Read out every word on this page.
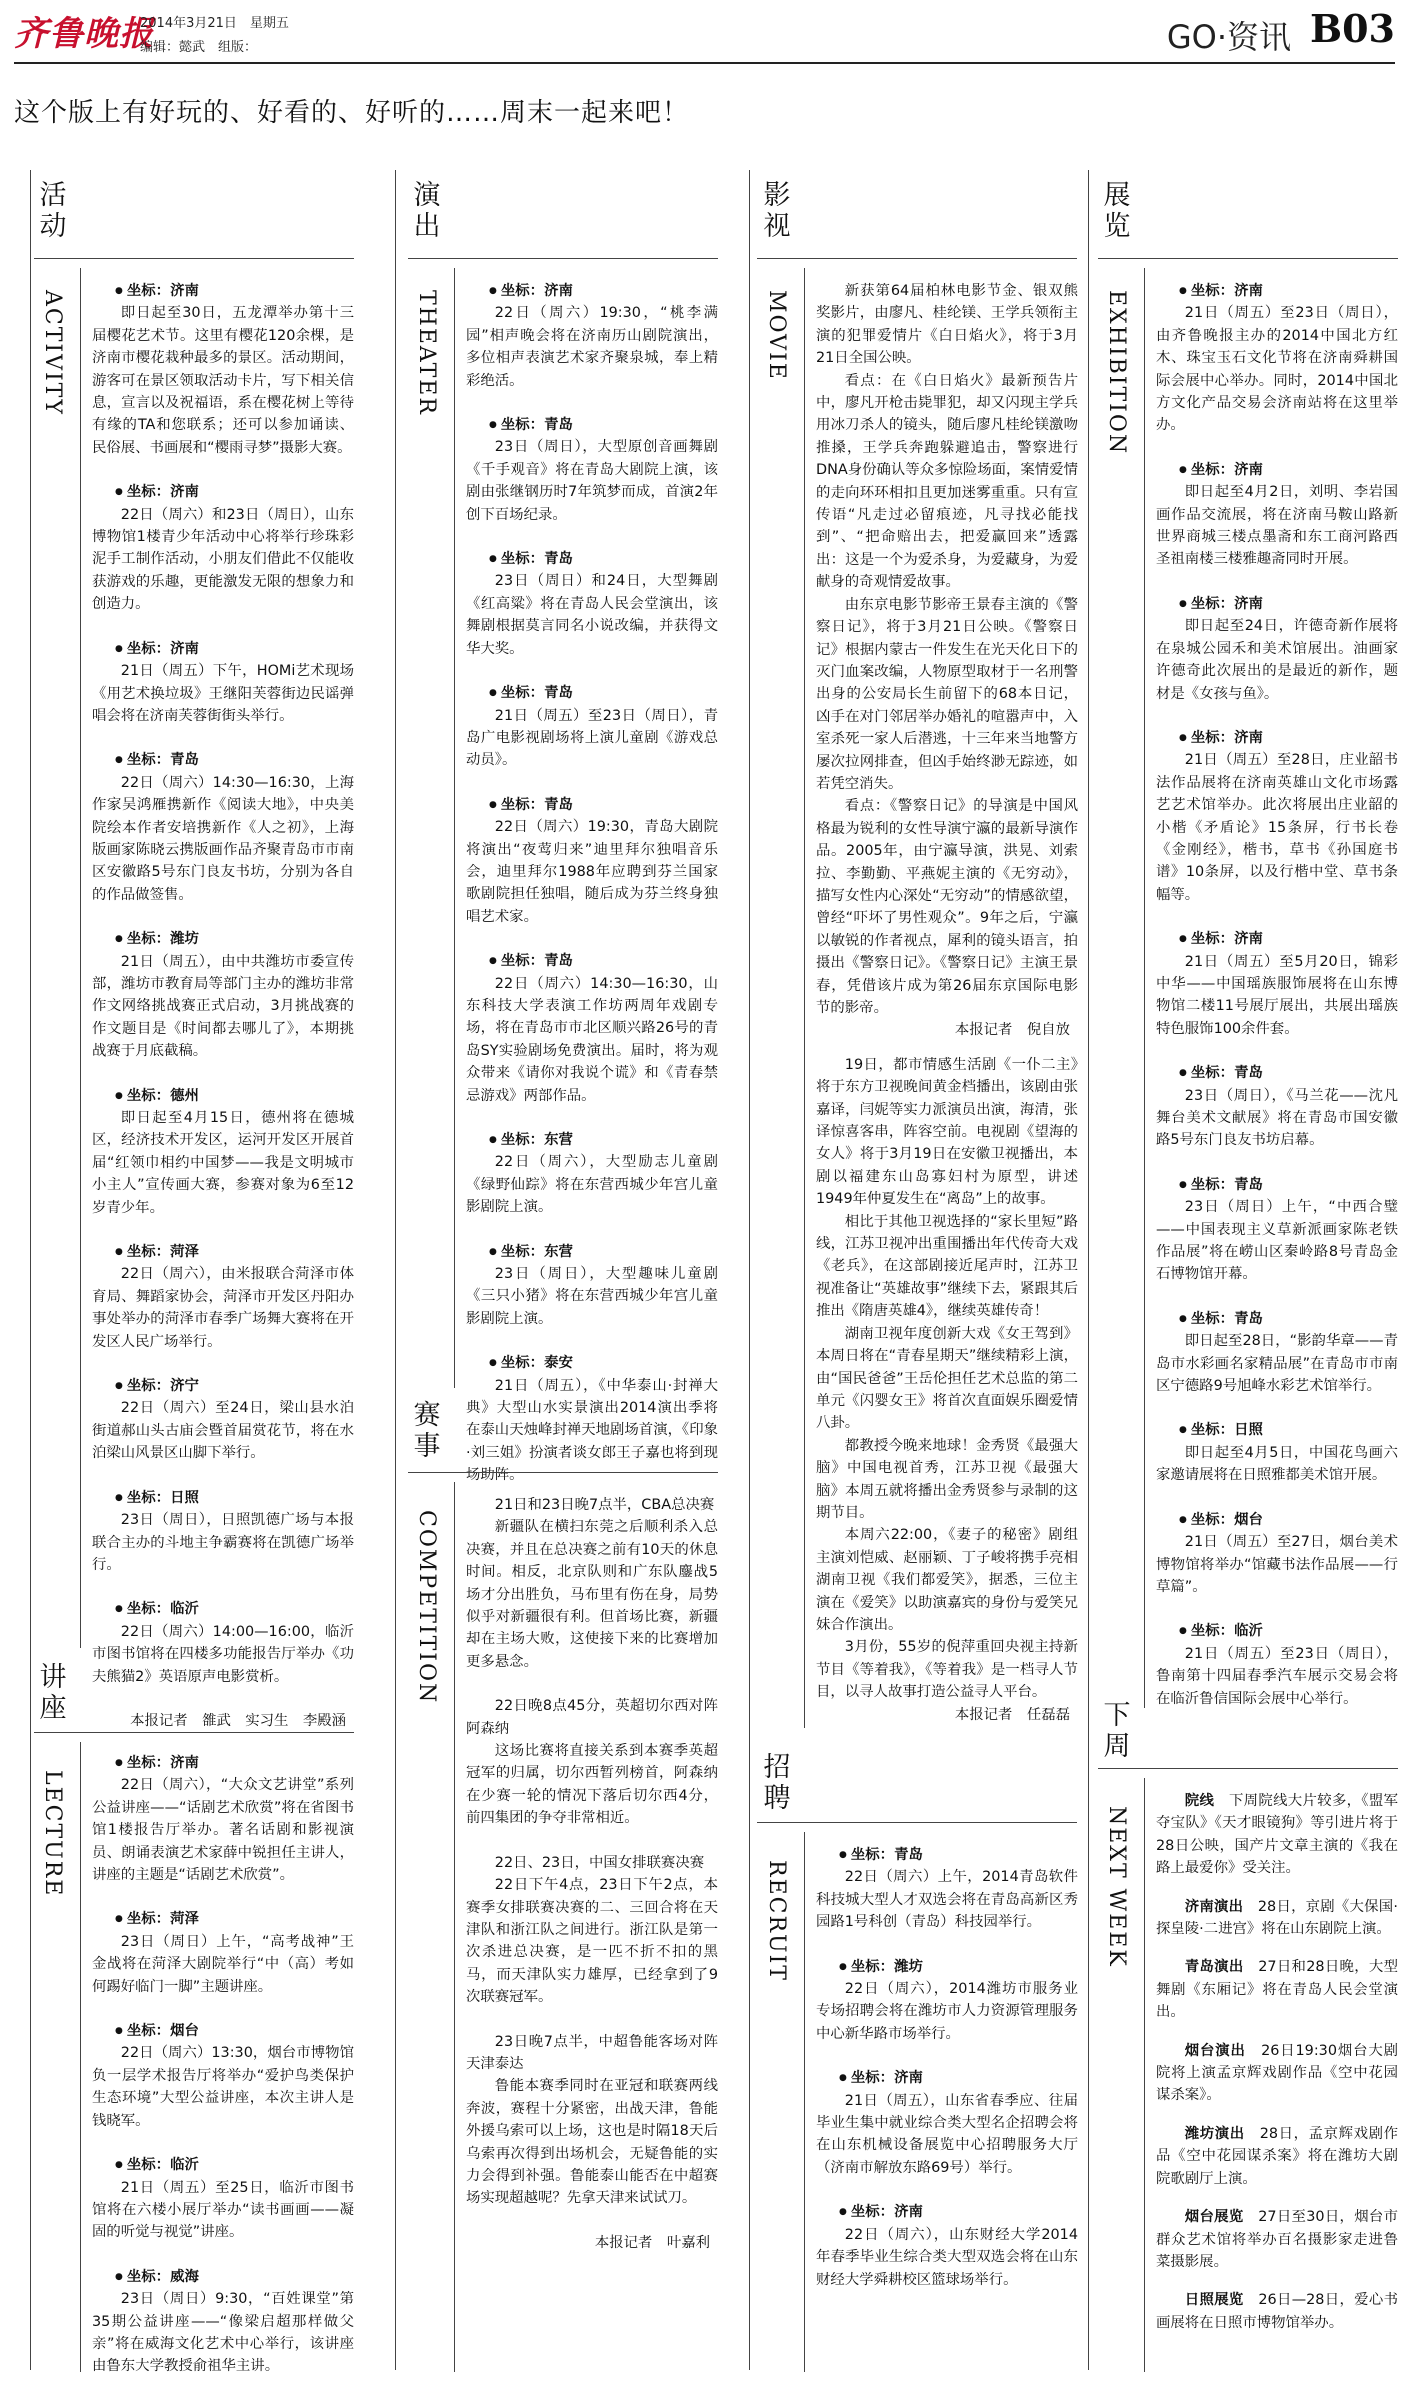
齐鲁晚报
2014年3月21日　星期五
编辑：懿武　组版：	GO·资讯 B03
这个版上有好玩的、好看的、好听的……周末一起来吧！
活动
ACTIVITY	● 坐标：济南

即日起至30日，五龙潭举办第十三届樱花艺术节。这里有樱花120余棵，是济南市樱花栽种最多的景区。活动期间，游客可在景区领取活动卡片，写下相关信息，宣言以及祝福语，系在樱花树上等待有缘的TA和您联系；还可以参加诵读、民俗展、书画展和“樱雨寻梦”摄影大赛。

● 坐标：济南

22日（周六）和23日（周日），山东博物馆1楼青少年活动中心将举行珍珠彩泥手工制作活动，小朋友们借此不仅能收获游戏的乐趣，更能激发无限的想象力和创造力。

● 坐标：济南

21日（周五）下午，HOMi艺术现场《用艺术换垃圾》王继阳芙蓉街边民谣弹唱会将在济南芙蓉街街头举行。

● 坐标：青岛

22日（周六）14:30—16:30，上海作家吴鸿雁携新作《阅读大地》，中央美院绘本作者安培携新作《人之初》，上海版画家陈晓云携版画作品齐聚青岛市市南区安徽路5号东门良友书坊，分别为各自的作品做签售。

● 坐标：潍坊

21日（周五），由中共潍坊市委宣传部，潍坊市教育局等部门主办的潍坊非常作文网络挑战赛正式启动，3月挑战赛的作文题目是《时间都去哪儿了》，本期挑战赛于月底截稿。

● 坐标：德州

即日起至4月15日，德州将在德城区，经济技术开发区，运河开发区开展首届“红领巾相约中国梦——我是文明城市小主人”宣传画大赛，参赛对象为6至12岁青少年。

● 坐标：菏泽

22日（周六），由米报联合菏泽市体育局、舞蹈家协会，菏泽市开发区丹阳办事处举办的菏泽市春季广场舞大赛将在开发区人民广场举行。

● 坐标：济宁

22日（周六）至24日，梁山县水泊街道郝山头古庙会暨首届赏花节，将在水泊梁山风景区山脚下举行。

● 坐标：日照

23日（周日），日照凯德广场与本报联合主办的斗地主争霸赛将在凯德广场举行。

● 坐标：临沂

22日（周六）14:00—16:00，临沂市图书馆将在四楼多功能报告厅举办《功夫熊猫2》英语原声电影赏析。

本报记者　雒武　实习生　李殿涵
讲座
LECTURE

● 坐标：济南

22日（周六），“大众文艺讲堂”系列公益讲座——“话剧艺术欣赏”将在省图书馆1楼报告厅举办。著名话剧和影视演员、朗诵表演艺术家薛中锐担任主讲人，讲座的主题是“话剧艺术欣赏”。

● 坐标：菏泽

23日（周日）上午，“高考战神”王金战将在菏泽大剧院举行“中（高）考如何踢好临门一脚”主题讲座。

● 坐标：烟台

22日（周六）13:30，烟台市博物馆负一层学术报告厅将举办“爱护鸟类保护生态环境”大型公益讲座，本次主讲人是钱晓军。

● 坐标：临沂

21日（周五）至25日，临沂市图书馆将在六楼小展厅举办“读书画画——凝固的听觉与视觉”讲座。

● 坐标：威海

23日（周日）9:30，“百姓课堂”第35期公益讲座——“像梁启超那样做父亲”将在威海文化艺术中心举行，该讲座由鲁东大学教授俞祖华主讲。

演出
THEATER	● 坐标：济南

22日（周六）19:30，“桃李满园”相声晚会将在济南历山剧院演出，多位相声表演艺术家齐聚泉城，奉上精彩绝活。

● 坐标：青岛

23日（周日），大型原创音画舞剧《千手观音》将在青岛大剧院上演，该剧由张继钢历时7年筑梦而成，首演2年创下百场纪录。

● 坐标：青岛

23日（周日）和24日，大型舞剧《红高粱》将在青岛人民会堂演出，该舞剧根据莫言同名小说改编，并获得文华大奖。

● 坐标：青岛

21日（周五）至23日（周日），青岛广电影视剧场将上演儿童剧《游戏总动员》。

● 坐标：青岛

22日（周六）19:30，青岛大剧院将演出“夜莺归来”迪里拜尔独唱音乐会，迪里拜尔1988年应聘到芬兰国家歌剧院担任独唱，随后成为芬兰终身独唱艺术家。

● 坐标：青岛

22日（周六）14:30—16:30，山东科技大学表演工作坊两周年戏剧专场，将在青岛市市北区顺兴路26号的青岛SY实验剧场免费演出。届时，将为观众带来《请你对我说个谎》和《青春禁忌游戏》两部作品。

● 坐标：东营

22日（周六），大型励志儿童剧《绿野仙踪》将在东营西城少年宫儿童影剧院上演。

● 坐标：东营

23日（周日），大型趣味儿童剧《三只小猪》将在东营西城少年宫儿童影剧院上演。

● 坐标：泰安

21日（周五），《中华泰山·封禅大典》大型山水实景演出2014演出季将在泰山天烛峰封禅天地剧场首演，《印象·刘三姐》扮演者谈女郎王子嘉也将到现场助阵。

赛事
COMPETITION

21日和23日晚7点半，CBA总决赛

新疆队在横扫东莞之后顺利杀入总决赛，并且在总决赛之前有10天的休息时间。相反，北京队则和广东队鏖战5场才分出胜负，马布里有伤在身，局势似乎对新疆很有利。但首场比赛，新疆却在主场大败，这使接下来的比赛增加更多悬念。

22日晚8点45分，英超切尔西对阵阿森纳

这场比赛将直接关系到本赛季英超冠军的归属，切尔西暂列榜首，阿森纳在少赛一轮的情况下落后切尔西4分，前四集团的争夺非常相近。

22日、23日，中国女排联赛决赛

22日下午4点，23日下午2点，本赛季女排联赛决赛的二、三回合将在天津队和浙江队之间进行。浙江队是第一次杀进总决赛，是一匹不折不扣的黑马，而天津队实力雄厚，已经拿到了9次联赛冠军。

23日晚7点半，中超鲁能客场对阵天津泰达

鲁能本赛季同时在亚冠和联赛两线奔波，赛程十分紧密，出战天津，鲁能外援乌索可以上场，这也是时隔18天后乌索再次得到出场机会，无疑鲁能的实力会得到补强。鲁能泰山能否在中超赛场实现超越呢？先拿天津来试试刀。

本报记者　叶嘉利
影视
MOVIE	新获第64届柏林电影节金、银双熊奖影片，由廖凡、桂纶镁、王学兵领衔主演的犯罪爱情片《白日焰火》，将于3月21日全国公映。

看点：在《白日焰火》最新预告片中，廖凡开枪击毙罪犯，却又闪现主学兵用冰刀杀人的镜头，随后廖凡桂纶镁激吻推搡，王学兵奔跑躲避追击，警察进行DNA身份确认等众多惊险场面，案情爱情的走向环环相扣且更加迷雾重重。只有宣传语“凡走过必留痕迹，凡寻找必能找到”、“把命赔出去，把爱赢回来”透露出：这是一个为爱杀身，为爱藏身，为爱献身的奇观情爱故事。

由东京电影节影帝王景春主演的《警察日记》，将于3月21日公映。《警察日记》根据内蒙古一件发生在光天化日下的灭门血案改编，人物原型取材于一名刑警出身的公安局长生前留下的68本日记，凶手在对门邻居举办婚礼的喧嚣声中，入室杀死一家人后潜逃，十三年来当地警方屡次拉网排查，但凶手始终渺无踪迹，如若凭空消失。

看点：《警察日记》的导演是中国风格最为锐利的女性导演宁瀛的最新导演作品。2005年，由宁瀛导演，洪晃、刘索拉、李勤勤、平燕妮主演的《无穷动》，描写女性内心深处“无穷动”的情感欲望，曾经“吓坏了男性观众”。9年之后，宁瀛以敏锐的作者视点，犀利的镜头语言，拍摄出《警察日记》。《警察日记》主演王景春，凭借该片成为第26届东京国际电影节的影帝。

本报记者　倪自放

19日，都市情感生活剧《一仆二主》将于东方卫视晚间黄金档播出，该剧由张嘉译，闫妮等实力派演员出演，海清，张译惊喜客串，阵容空前。电视剧《望海的女人》将于3月19日在安徽卫视播出，本剧以福建东山岛寡妇村为原型，讲述1949年仲夏发生在“离岛”上的故事。

相比于其他卫视选择的“家长里短”路线，江苏卫视冲出重围播出年代传奇大戏《老兵》，在这部剧接近尾声时，江苏卫视准备让“英雄故事”继续下去，紧跟其后推出《隋唐英雄4》，继续英雄传奇！

湖南卫视年度创新大戏《女王驾到》本周日将在“青春星期天”继续精彩上演，由“国民爸爸”王岳伦担任艺术总监的第二单元《闪婴女王》将首次直面娱乐圈爱情八卦。

都教授今晚来地球！金秀贤《最强大脑》中国电视首秀，江苏卫视《最强大脑》本周五就将播出金秀贤参与录制的这期节目。

本周六22:00，《妻子的秘密》剧组主演刘恺威、赵丽颖、丁子峻将携手亮相湖南卫视《我们都爱笑》，据悉，三位主演在《爱笑》以助演嘉宾的身份与爱笑兄妹合作演出。

3月份，55岁的倪萍重回央视主持新节目《等着我》，《等着我》是一档寻人节目，以寻人故事打造公益寻人平台。

本报记者　任磊磊
招聘
RECRUIT

● 坐标：青岛

22日（周六）上午，2014青岛软件科技城大型人才双选会将在青岛高新区秀园路1号科创（青岛）科技园举行。

● 坐标：潍坊

22日（周六），2014潍坊市服务业专场招聘会将在潍坊市人力资源管理服务中心新华路市场举行。

● 坐标：济南

21日（周五），山东省春季应、往届毕业生集中就业综合类大型名企招聘会将在山东机械设备展览中心招聘服务大厅（济南市解放东路69号）举行。

● 坐标：济南

22日（周六），山东财经大学2014年春季毕业生综合类大型双选会将在山东财经大学舜耕校区篮球场举行。

展览
EXHIBITION	● 坐标：济南

21日（周五）至23日（周日），由齐鲁晚报主办的2014中国北方红木、珠宝玉石文化节将在济南舜耕国际会展中心举办。同时，2014中国北方文化产品交易会济南站将在这里举办。

● 坐标：济南

即日起至4月2日，刘明、李岩国画作品交流展，将在济南马鞍山路新世界商城三楼点墨斋和东工商河路西圣祖南楼三楼雅趣斋同时开展。

● 坐标：济南

即日起至24日，许德奇新作展将在泉城公园禾和美术馆展出。油画家许德奇此次展出的是最近的新作，题材是《女孩与鱼》。

● 坐标：济南

21日（周五）至28日，庄业韶书法作品展将在济南英雄山文化市场露艺艺术馆举办。此次将展出庄业韶的小楷《矛盾论》15条屏，行书长卷《金刚经》，楷书，草书《孙国庭书谱》10条屏，以及行楷中堂、草书条幅等。

● 坐标：济南

21日（周五）至5月20日，锦彩中华——中国瑶族服饰展将在山东博物馆二楼11号展厅展出，共展出瑶族特色服饰100余件套。

● 坐标：青岛

23日（周日），《马兰花——沈凡舞台美术文献展》将在青岛市国安徽路5号东门良友书坊启幕。

● 坐标：青岛

23日（周日）上午，“中西合璧——中国表现主义草新派画家陈老铁作品展”将在崂山区秦岭路8号青岛金石博物馆开幕。

● 坐标：青岛

即日起至28日，“影韵华章——青岛市水彩画名家精品展”在青岛市市南区宁德路9号旭峰水彩艺术馆举行。

● 坐标：日照

即日起至4月5日，中国花鸟画六家邀请展将在日照雅都美术馆开展。

● 坐标：烟台

21日（周五）至27日，烟台美术博物馆将举办“馆藏书法作品展——行草篇”。

● 坐标：临沂

21日（周五）至23日（周日），鲁南第十四届春季汽车展示交易会将在临沂鲁信国际会展中心举行。

下周
NEXT WEEK
院线　 下周院线大片较多，《盟军夺宝队》《天才眼镜狗》等引进片将于28日公映，国产片文章主演的《我在路上最爱你》受关注。
济南演出　 28日，京剧《大保国·探皇陵·二进宫》将在山东剧院上演。
青岛演出　 27日和28日晚，大型舞剧《东厢记》将在青岛人民会堂演出。
烟台演出　 26日19:30烟台大剧院将上演孟京辉戏剧作品《空中花园谋杀案》。
潍坊演出　 28日，孟京辉戏剧作品《空中花园谋杀案》将在潍坊大剧院歌剧厅上演。
烟台展览　 27日至30日，烟台市群众艺术馆将举办百名摄影家走进鲁菜摄影展。
日照展览　 26日—28日，爱心书画展将在日照市博物馆举办。
